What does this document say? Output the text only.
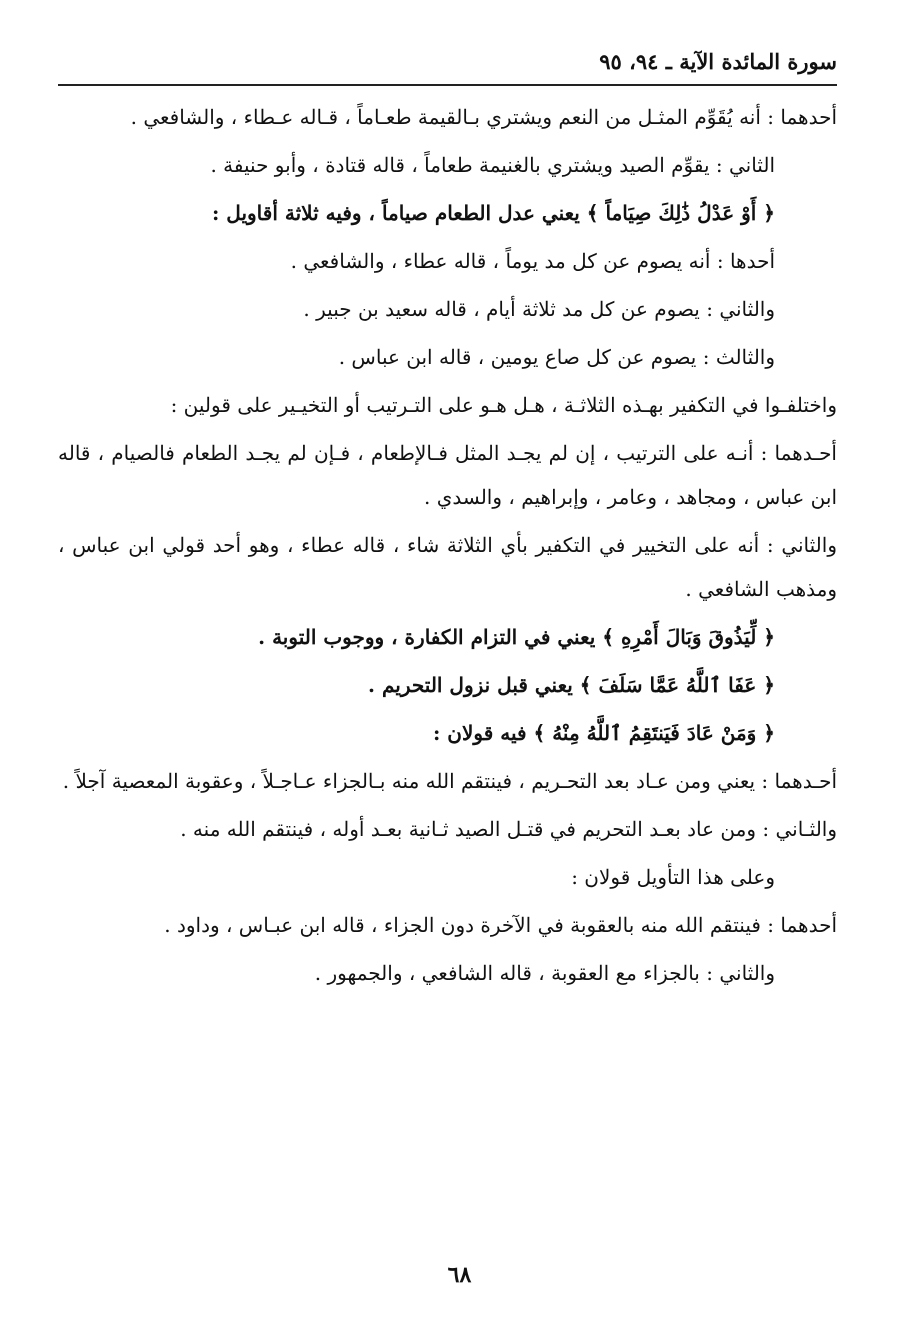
سورة المائدة الآية ـ ٩٤، ٩٥

أحدهما : أنه يُقَوِّم المثـل من النعم ويشتري بـالقيمة طعـاماً ، قـاله عـطاء ، والشافعي .

الثاني : يقوِّم الصيد ويشتري بالغنيمة طعاماً ، قاله قتادة ، وأبو حنيفة .

﴿ أَوْ عَدْلُ ذَٰلِكَ صِيَاماً ﴾ يعني عدل الطعام صياماً ، وفيه ثلاثة أقاويل :

أحدها : أنه يصوم عن كل مد يوماً ، قاله عطاء ، والشافعي .

والثاني : يصوم عن كل مد ثلاثة أيام ، قاله سعيد بن جبير .

والثالث : يصوم عن كل صاع يومين ، قاله ابن عباس .

واختلفـوا في التكفير بهـذه الثلاثـة ، هـل هـو على التـرتيب أو التخيـير على قولين :

أحـدهما : أنـه على الترتيب ، إن لم يجـد المثل فـالإطعام ، فـإن لم يجـد الطعام فالصيام ، قاله ابن عباس ، ومجاهد ، وعامر ، وإبراهيم ، والسدي .

والثاني : أنه على التخيير في التكفير بأي الثلاثة شاء ، قاله عطاء ، وهو أحد قولي ابن عباس ، ومذهب الشافعي .

﴿ لِّيَذُوقَ وَبَالَ أَمْرِهِ ﴾ يعني في التزام الكفارة ، ووجوب التوبة .

﴿ عَفَا ٱللَّهُ عَمَّا سَلَفَ ﴾ يعني قبل نزول التحريم .

﴿ وَمَنْ عَادَ فَيَنتَقِمُ ٱللَّهُ مِنْهُ ﴾ فيه قولان :

أحـدهما : يعني ومن عـاد بعد التحـريم ، فينتقم الله منه بـالجزاء عـاجـلاً ، وعقوبة المعصية آجلاً .

والثـاني : ومن عاد بعـد التحريم في قتـل الصيد ثـانية بعـد أوله ، فينتقم الله منه .

وعلى هذا التأويل قولان :

أحدهما : فينتقم الله منه بالعقوبة في الآخرة دون الجزاء ، قاله ابن عبـاس ، وداود .

والثاني : بالجزاء مع العقوبة ، قاله الشافعي ، والجمهور .

٦٨
